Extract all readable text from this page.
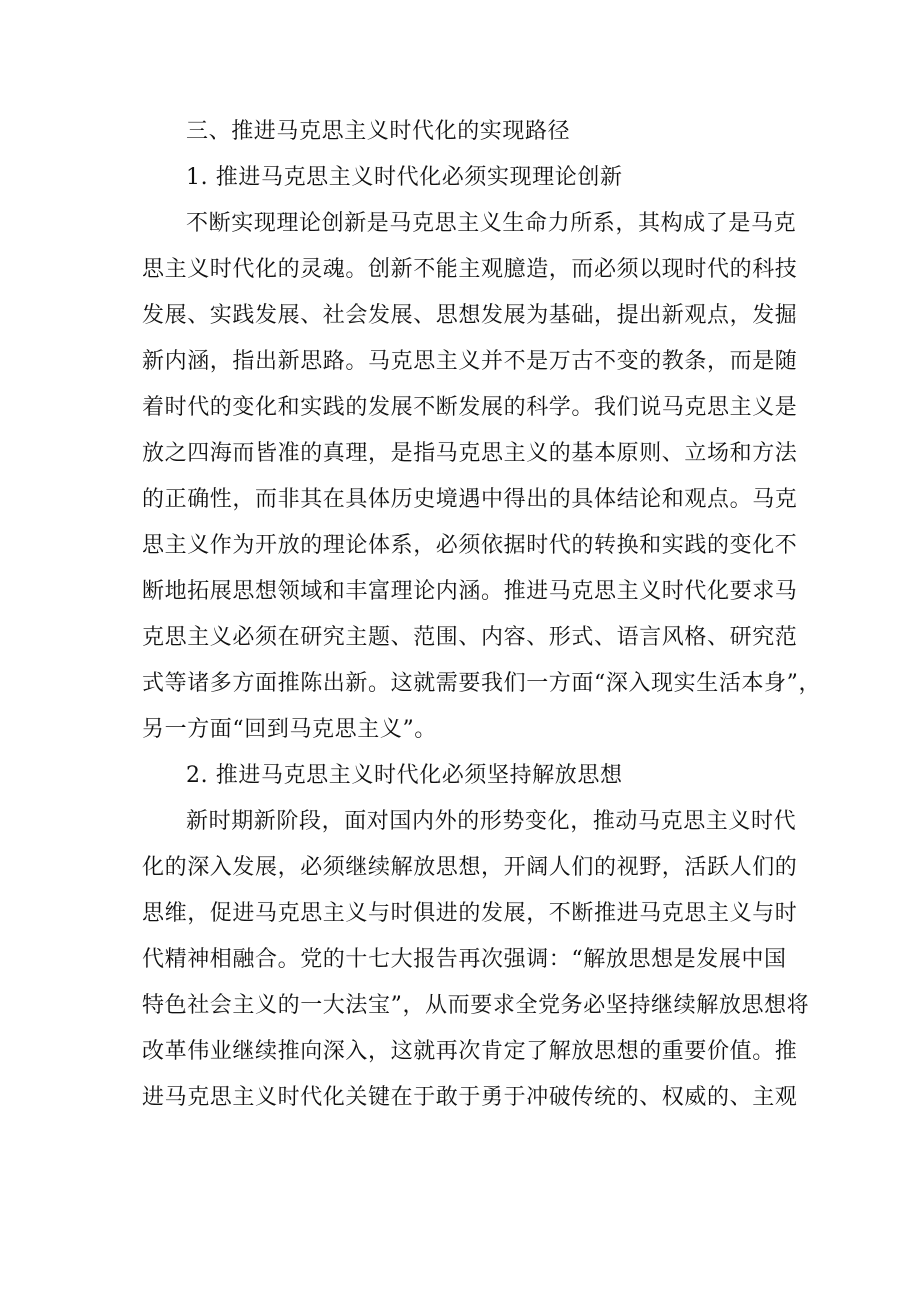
三、推进马克思主义时代化的实现路径
1. 推进马克思主义时代化必须实现理论创新
不断实现理论创新是马克思主义生命力所系，其构成了是马克
思主义时代化的灵魂。创新不能主观臆造，而必须以现时代的科技
发展、实践发展、社会发展、思想发展为基础，提出新观点，发掘
新内涵，指出新思路。马克思主义并不是万古不变的教条，而是随
着时代的变化和实践的发展不断发展的科学。我们说马克思主义是
放之四海而皆准的真理，是指马克思主义的基本原则、立场和方法
的正确性，而非其在具体历史境遇中得出的具体结论和观点。马克
思主义作为开放的理论体系，必须依据时代的转换和实践的变化不
断地拓展思想领域和丰富理论内涵。推进马克思主义时代化要求马
克思主义必须在研究主题、范围、内容、形式、语言风格、研究范
式等诸多方面推陈出新。这就需要我们一方面“深入现实生活本身”，
另一方面“回到马克思主义”。
2. 推进马克思主义时代化必须坚持解放思想
新时期新阶段，面对国内外的形势变化，推动马克思主义时代
化的深入发展，必须继续解放思想，开阔人们的视野，活跃人们的
思维，促进马克思主义与时俱进的发展，不断推进马克思主义与时
代精神相融合。党的十七大报告再次强调：“解放思想是发展中国
特色社会主义的一大法宝”，从而要求全党务必坚持继续解放思想将
改革伟业继续推向深入，这就再次肯定了解放思想的重要价值。推
进马克思主义时代化关键在于敢于勇于冲破传统的、权威的、主观
